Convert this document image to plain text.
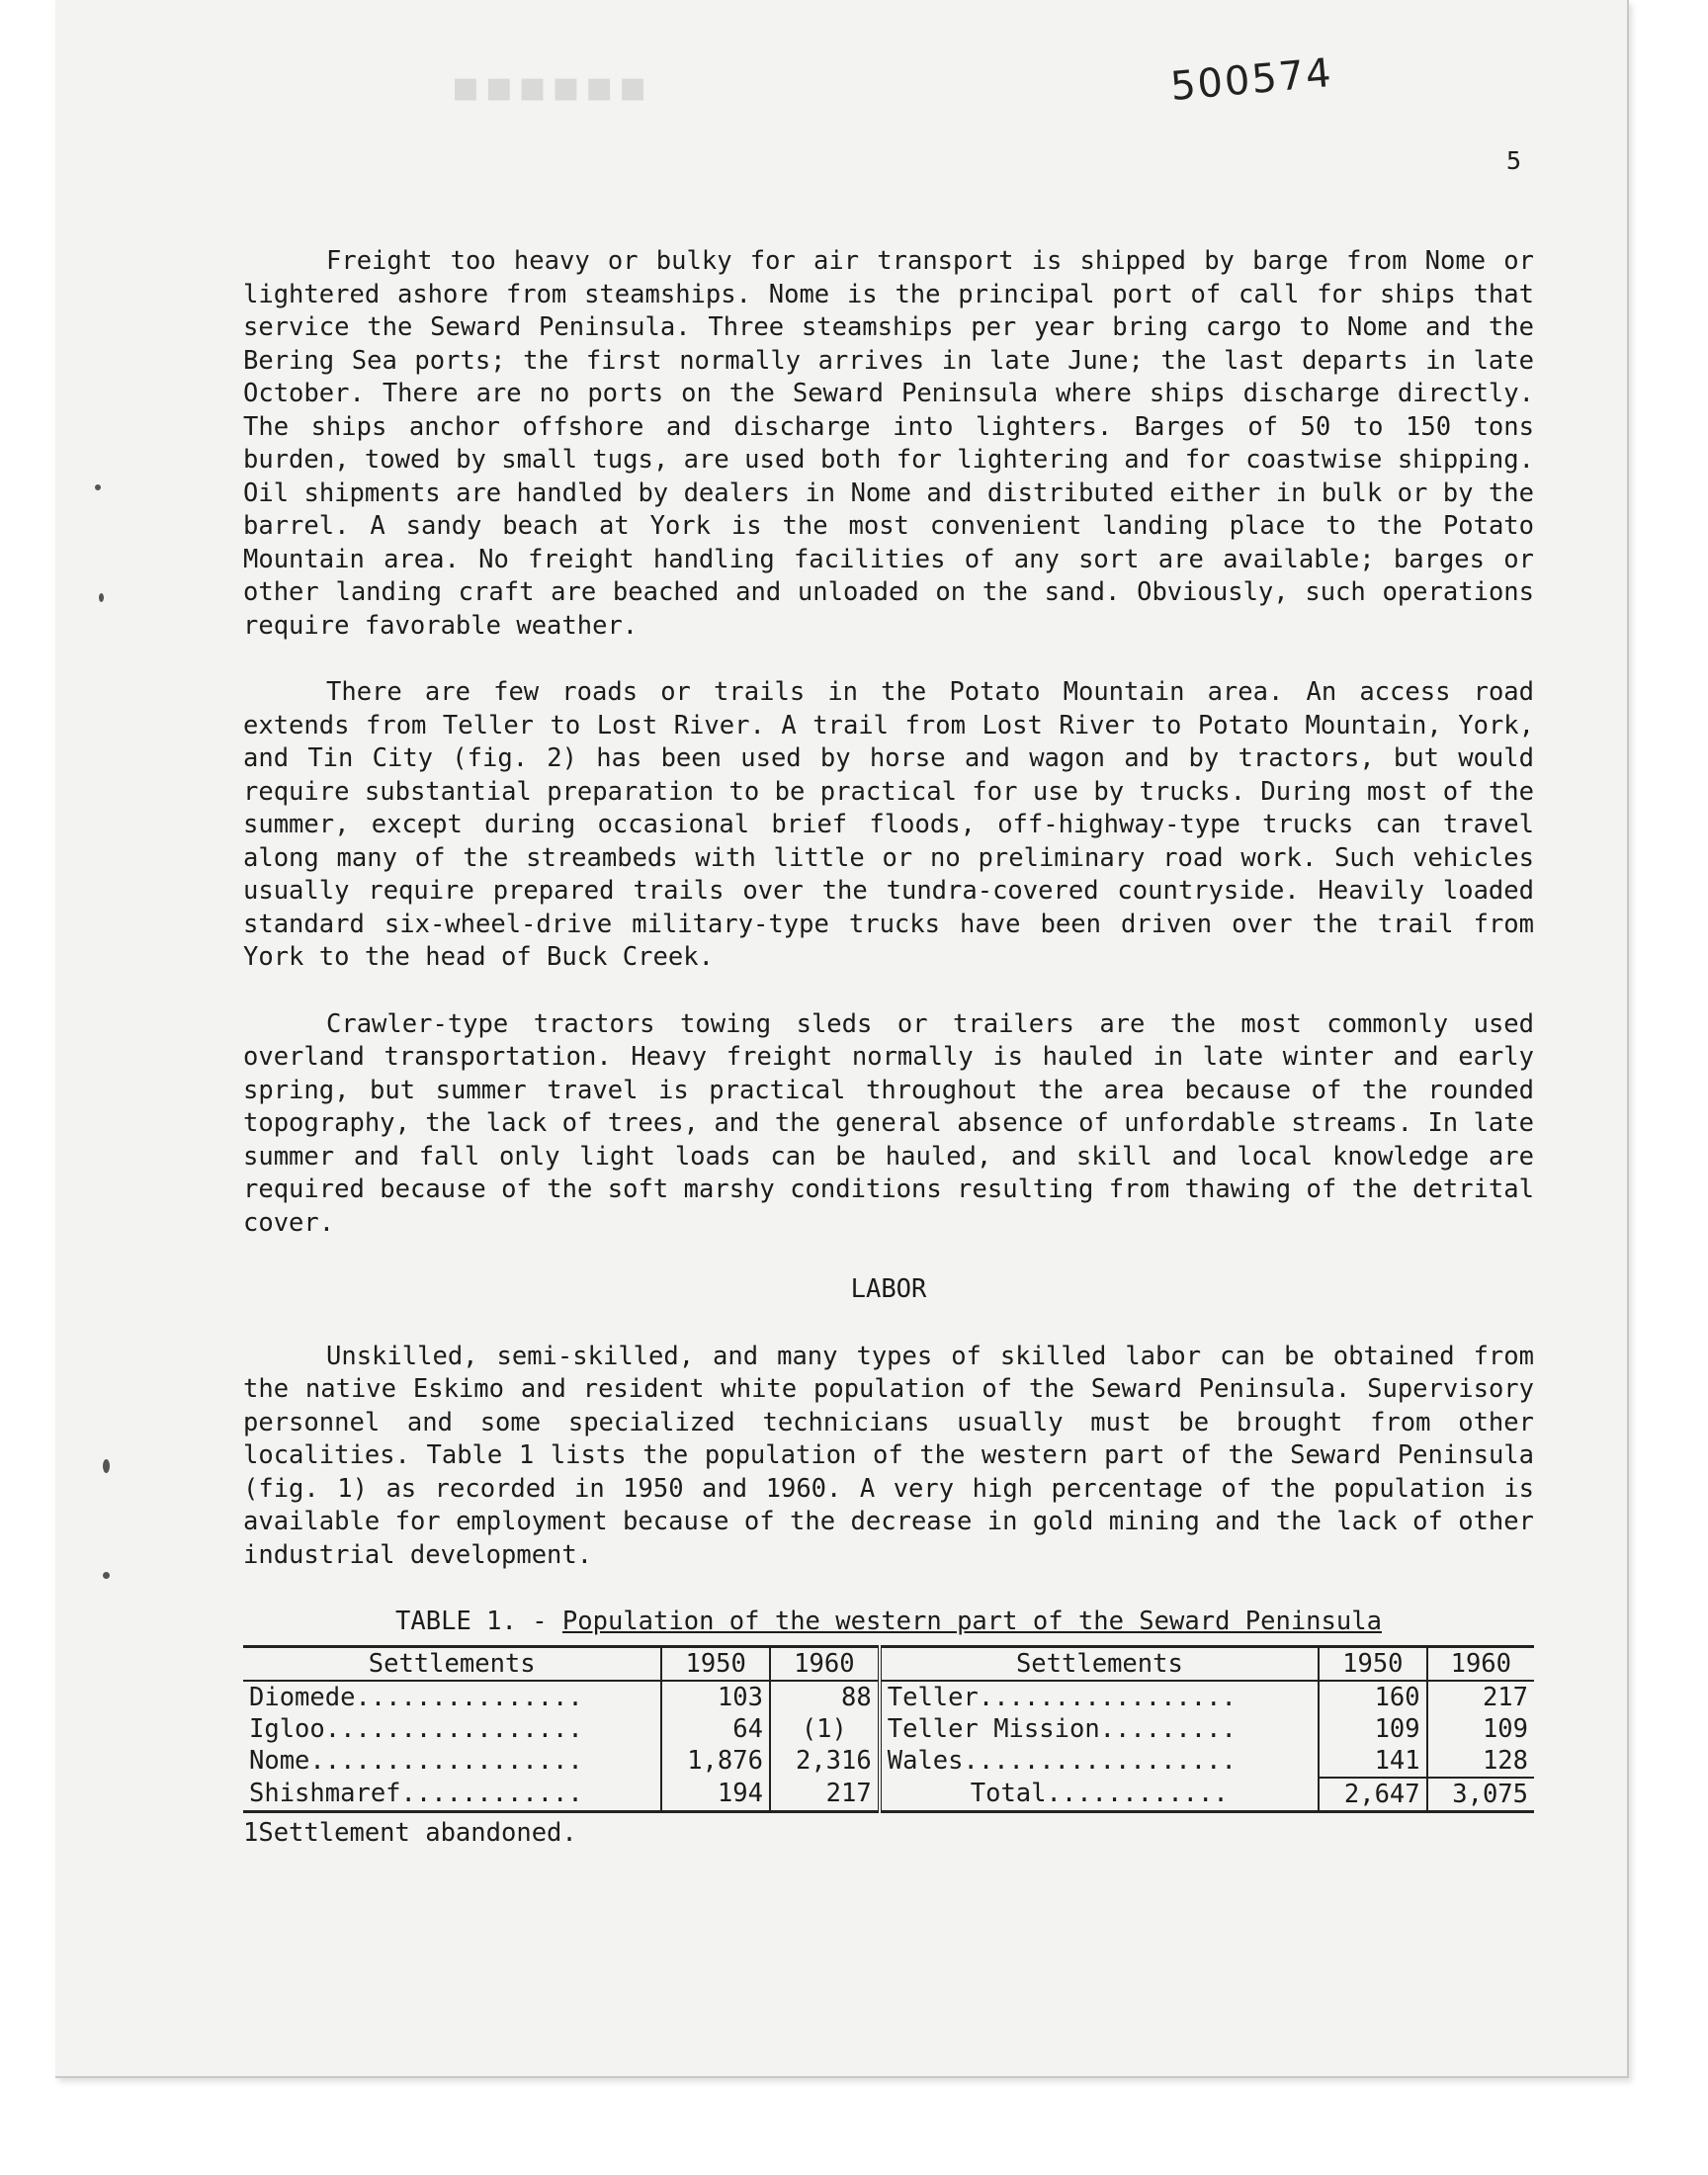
▪▪▪▪▪▪	500574
5

Freight too heavy or bulky for air transport is shipped by barge from Nome or lightered ashore from steamships. Nome is the principal port of call for ships that service the Seward Peninsula. Three steamships per year bring cargo to Nome and the Bering Sea ports; the first normally arrives in late June; the last departs in late October. There are no ports on the Seward Peninsula where ships discharge directly. The ships anchor offshore and discharge into lighters. Barges of 50 to 150 tons burden, towed by small tugs, are used both for lightering and for coastwise shipping. Oil shipments are handled by dealers in Nome and distributed either in bulk or by the barrel. A sandy beach at York is the most convenient landing place to the Potato Mountain area. No freight handling facilities of any sort are available; barges or other landing craft are beached and unloaded on the sand. Obviously, such operations require favorable weather.

There are few roads or trails in the Potato Mountain area. An access road extends from Teller to Lost River. A trail from Lost River to Potato Mountain, York, and Tin City (fig. 2) has been used by horse and wagon and by tractors, but would require substantial preparation to be practical for use by trucks. During most of the summer, except during occasional brief floods, off-highway-type trucks can travel along many of the streambeds with little or no preliminary road work. Such vehicles usually require prepared trails over the tundra-covered countryside. Heavily loaded standard six-wheel-drive military-type trucks have been driven over the trail from York to the head of Buck Creek.

Crawler-type tractors towing sleds or trailers are the most commonly used overland transportation. Heavy freight normally is hauled in late winter and early spring, but summer travel is practical throughout the area because of the rounded topography, the lack of trees, and the general absence of unfordable streams. In late summer and fall only light loads can be hauled, and skill and local knowledge are required because of the soft marshy conditions resulting from thawing of the detrital cover.

LABOR

Unskilled, semi-skilled, and many types of skilled labor can be obtained from the native Eskimo and resident white population of the Seward Peninsula. Supervisory personnel and some specialized technicians usually must be brought from other localities. Table 1 lists the population of the western part of the Seward Peninsula (fig. 1) as recorded in 1950 and 1960. A very high percentage of the population is available for employment because of the decrease in gold mining and the lack of other industrial development.

TABLE 1. - Population of the western part of the Seward Peninsula

Settlements	1950	1960	Settlements	1950	1960
Diomede...............	103	88	Teller.................	160	217
Igloo.................	64	(1)	Teller Mission.........	109	109
Nome..................	1,876	2,316	Wales..................	141	128
Shishmaref............	194	217	Total............	2,647	3,075
1Settlement abandoned.
